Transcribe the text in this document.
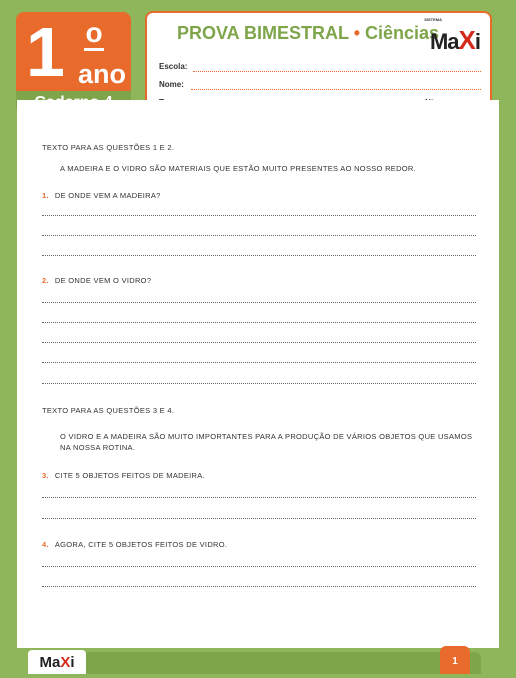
1 o
ano
PROVA BIMESTRAL • Ciências
SISTEMA
MaXi
Escola:
Nome:
TEXTO PARA AS QUESTÕES 1 E 2.
A MADEIRA E O VIDRO SÃO MATERIAIS QUE ESTÃO MUITO PRESENTES AO NOSSO REDOR.
1. DE ONDE VEM A MADEIRA?
2. DE ONDE VEM O VIDRO?
TEXTO PARA AS QUESTÕES 3 E 4.
O VIDRO E A MADEIRA SÃO MUITO IMPORTANTES PARA A PRODUÇÃO DE VÁRIOS OBJETOS QUE USAMOS NA NOSSA ROTINA.
3. CITE 5 OBJETOS FEITOS DE MADEIRA.
4. AGORA, CITE 5 OBJETOS FEITOS DE VIDRO.
MaXi	1
